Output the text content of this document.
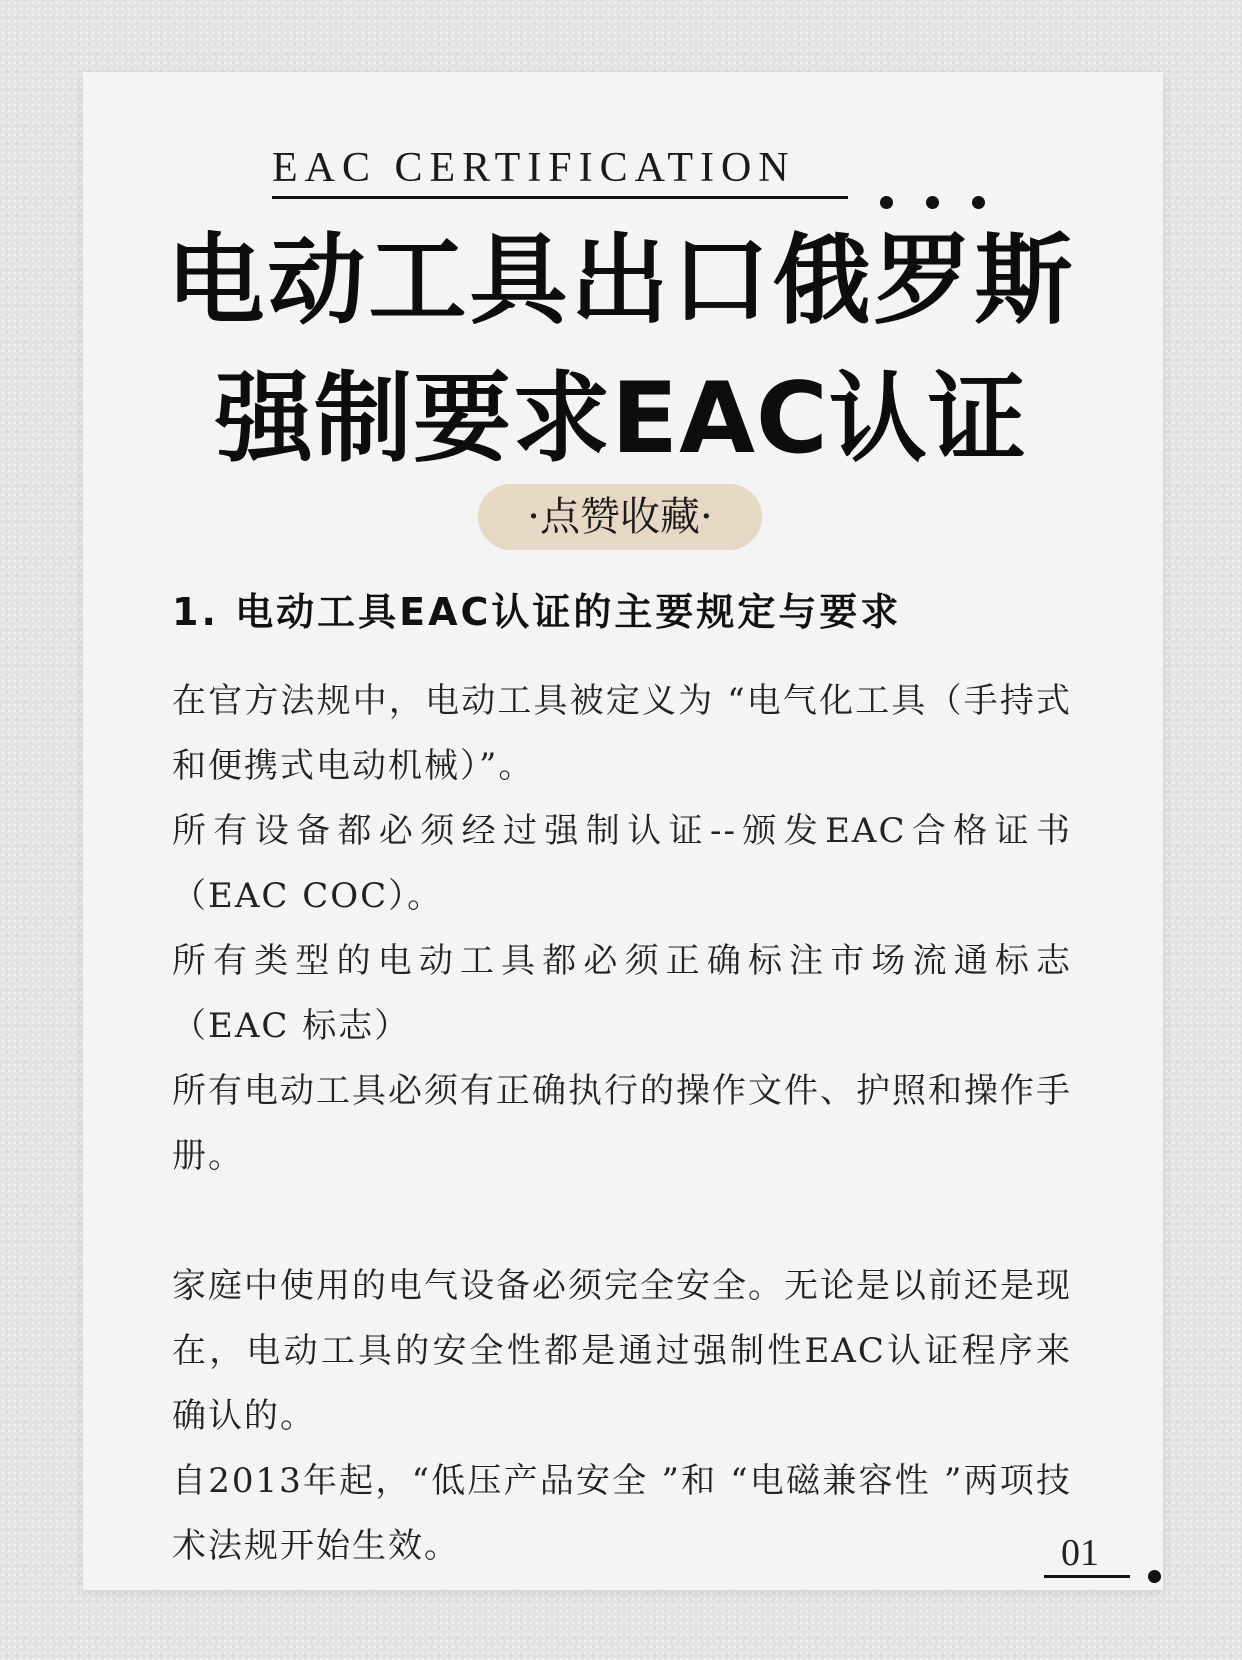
EAC CERTIFICATION
电动工具出口俄罗斯
强制要求EAC认证
·点赞收藏·
1. 电动工具EAC认证的主要规定与要求

在官方法规中，电动工具被定义为 “电气化工具（手持式和便携式电动机械）”。

所有设备都必须经过强制认证--颁发EAC合格证书（EAC COC）。

所有类型的电动工具都必须正确标注市场流通标志（EAC 标志）

所有电动工具必须有正确执行的操作文件、护照和操作手册。

家庭中使用的电气设备必须完全安全。无论是以前还是现在，电动工具的安全性都是通过强制性EAC认证程序来确认的。

自2013年起，“低压产品安全 ”和 “电磁兼容性 ”两项技术法规开始生效。	01
